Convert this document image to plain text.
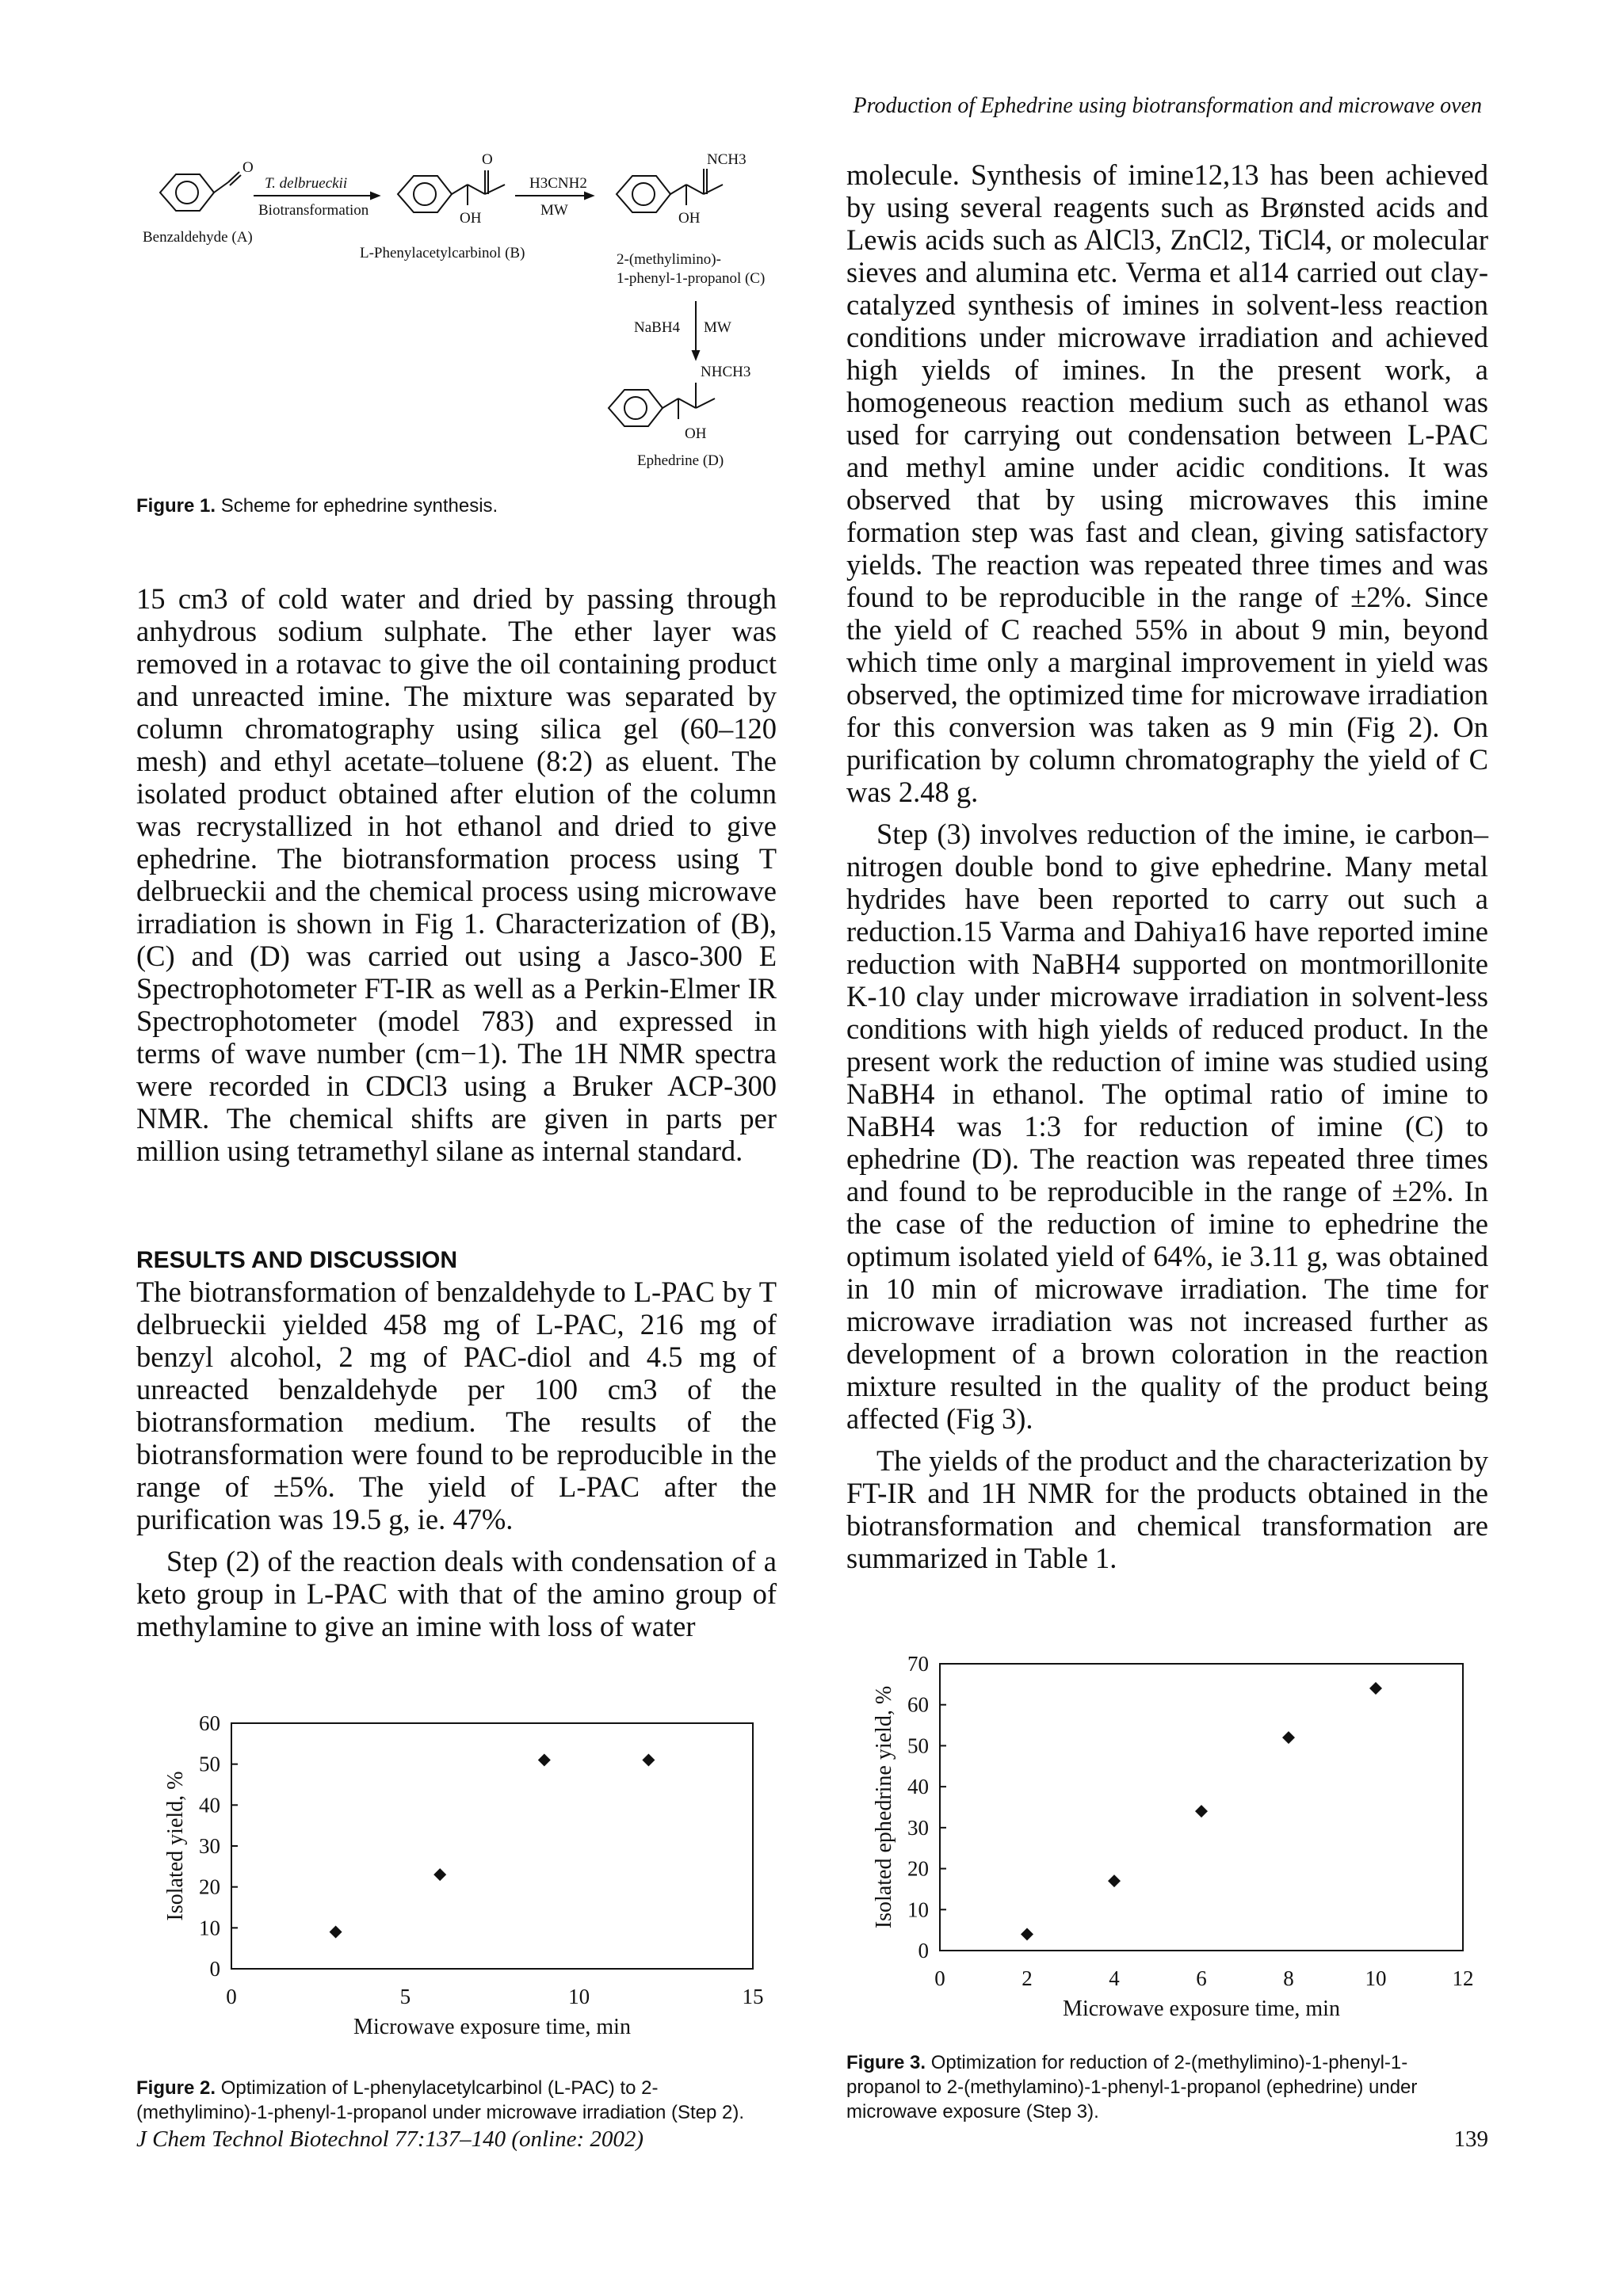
Production of Ephedrine using biotransformation and microwave oven
O
T. delbrueckii
Biotransformation
Benzaldehyde (A)
O
OH
L-Phenylacetylcarbinol (B)
H3CNH2
MW
NCH3
OH
2-(methylimino)-
1-phenyl-1-propanol (C)
NaBH4 MW
NHCH3
OH
Ephedrine (D)
Figure 1. Scheme for ephedrine synthesis.

15 cm3 of cold water and dried by passing through anhydrous sodium sulphate. The ether layer was removed in a rotavac to give the oil containing product and unreacted imine. The mixture was separated by column chromatography using silica gel (60–120 mesh) and ethyl acetate–toluene (8:2) as eluent. The isolated product obtained after elution of the column was recrystallized in hot ethanol and dried to give ephedrine. The biotransformation process using T delbrueckii and the chemical process using microwave irradiation is shown in Fig 1. Characterization of (B), (C) and (D) was carried out using a Jasco-300 E Spectrophotometer FT-IR as well as a Perkin-Elmer IR Spectrophotometer (model 783) and expressed in terms of wave number (cm−1). The 1H NMR spectra were recorded in CDCl3 using a Bruker ACP-300 NMR. The chemical shifts are given in parts per million using tetramethyl silane as internal standard.

RESULTS AND DISCUSSION

The biotransformation of benzaldehyde to L-PAC by T delbrueckii yielded 458 mg of L-PAC, 216 mg of benzyl alcohol, 2 mg of PAC-diol and 4.5 mg of unreacted benzaldehyde per 100 cm3 of the biotransformation medium. The results of the biotransformation were found to be reproducible in the range of ±5%. The yield of L-PAC after the purification was 19.5 g, ie. 47%.

Step (2) of the reaction deals with condensation of a keto group in L-PAC with that of the amino group of methylamine to give an imine with loss of water

molecule. Synthesis of imine12,13 has been achieved by using several reagents such as Brønsted acids and Lewis acids such as AlCl3, ZnCl2, TiCl4, or molecular sieves and alumina etc. Verma et al14 carried out clay-catalyzed synthesis of imines in solvent-less reaction conditions under microwave irradiation and achieved high yields of imines. In the present work, a homogeneous reaction medium such as ethanol was used for carrying out condensation between L-PAC and methyl amine under acidic conditions. It was observed that by using microwaves this imine formation step was fast and clean, giving satisfactory yields. The reaction was repeated three times and was found to be reproducible in the range of ±2%. Since the yield of C reached 55% in about 9 min, beyond which time only a marginal improvement in yield was observed, the optimized time for microwave irradiation for this conversion was taken as 9 min (Fig 2). On purification by column chromatography the yield of C was 2.48 g.

Step (3) involves reduction of the imine, ie carbon–nitrogen double bond to give ephedrine. Many metal hydrides have been reported to carry out such a reduction.15 Varma and Dahiya16 have reported imine reduction with NaBH4 supported on montmorillonite K-10 clay under microwave irradiation in solvent-less conditions with high yields of reduced product. In the present work the reduction of imine was studied using NaBH4 in ethanol. The optimal ratio of imine to NaBH4 was 1:3 for reduction of imine (C) to ephedrine (D). The reaction was repeated three times and found to be reproducible in the range of ±2%. In the case of the reduction of imine to ephedrine the optimum isolated yield of 64%, ie 3.11 g, was obtained in 10 min of microwave irradiation. The time for microwave irradiation was not increased further as development of a brown coloration in the reaction mixture resulted in the quality of the product being affected (Fig 3).

The yields of the product and the characterization by FT-IR and 1H NMR for the products obtained in the biotransformation and chemical transformation are summarized in Table 1.

0
10
20
30
40
50
60
0	5	10	15
Microwave exposure time, min
Isolated yield, %
Figure 2. Optimization of L-phenylacetylcarbinol (L-PAC) to 2-(methylimino)-1-phenyl-1-propanol under microwave irradiation (Step 2).
0
10
20
30
40
50
60
70
0	2	4	6	8	10	12
Microwave exposure time, min
Isolated ephedrine yield, %
Figure 3. Optimization for reduction of 2-(methylimino)-1-phenyl-1-propanol to 2-(methylamino)-1-phenyl-1-propanol (ephedrine) under microwave exposure (Step 3).
J Chem Technol Biotechnol 77:137–140 (online: 2002)	139
